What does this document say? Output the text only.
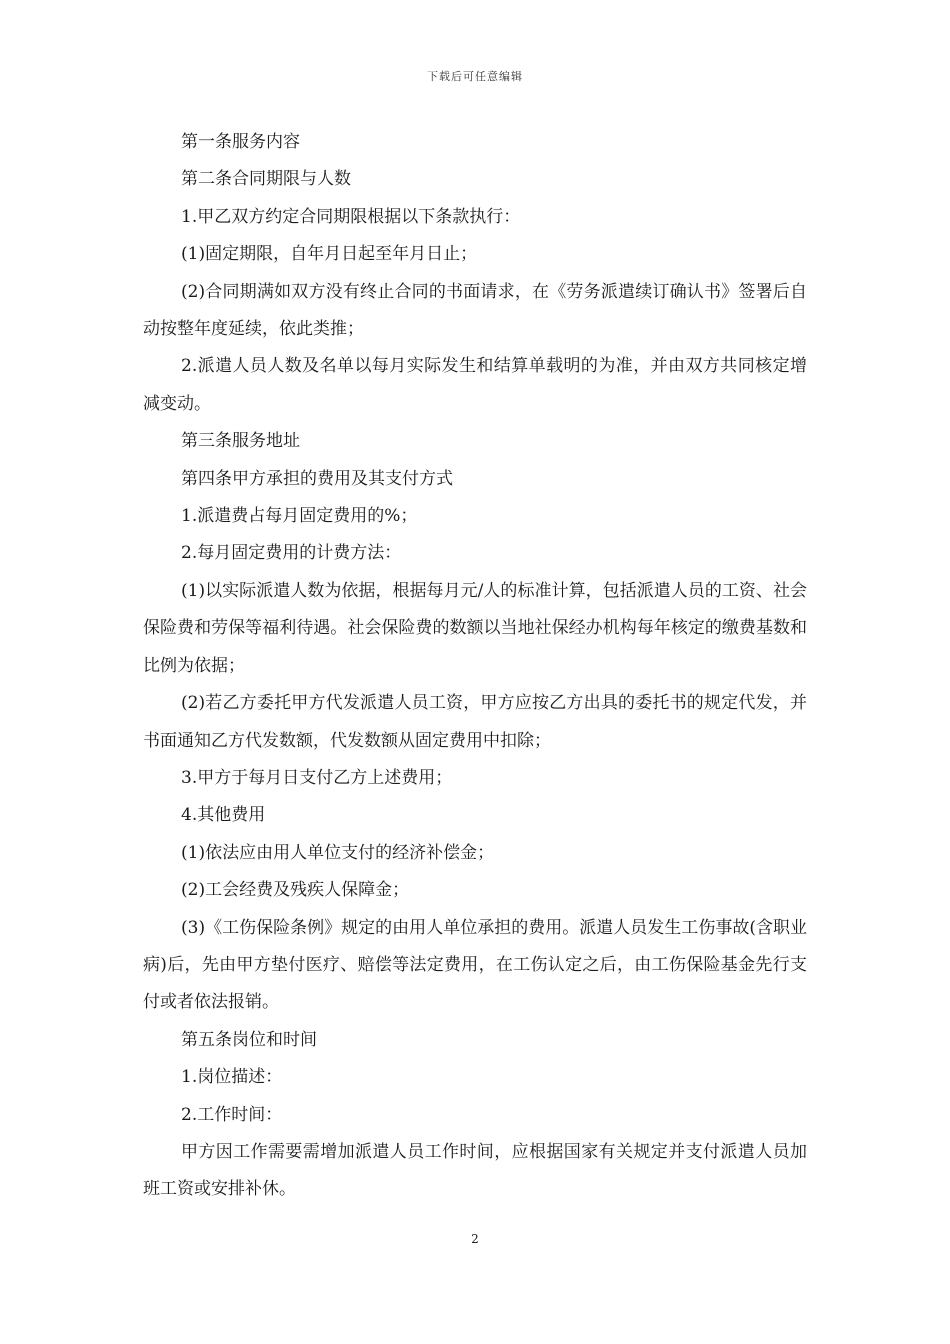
下载后可任意编辑

第一条服务内容

第二条合同期限与人数

1.甲乙双方约定合同期限根据以下条款执行：

(1)固定期限，自年月日起至年月日止；

(2)合同期满如双方没有终止合同的书面请求，在《劳务派遣续订确认书》签署后自动按整年度延续，依此类推；

2.派遣人员人数及名单以每月实际发生和结算单载明的为准，并由双方共同核定增减变动。

第三条服务地址

第四条甲方承担的费用及其支付方式

1.派遣费占每月固定费用的%；

2.每月固定费用的计费方法：

(1)以实际派遣人数为依据，根据每月元/人的标准计算，包括派遣人员的工资、社会保险费和劳保等福利待遇。社会保险费的数额以当地社保经办机构每年核定的缴费基数和比例为依据；

(2)若乙方委托甲方代发派遣人员工资，甲方应按乙方出具的委托书的规定代发，并书面通知乙方代发数额，代发数额从固定费用中扣除；

3.甲方于每月日支付乙方上述费用；

4.其他费用

(1)依法应由用人单位支付的经济补偿金；

(2)工会经费及残疾人保障金；

(3)《工伤保险条例》规定的由用人单位承担的费用。派遣人员发生工伤事故(含职业病)后，先由甲方垫付医疗、赔偿等法定费用，在工伤认定之后，由工伤保险基金先行支付或者依法报销。

第五条岗位和时间

1.岗位描述：

2.工作时间：

甲方因工作需要需增加派遣人员工作时间，应根据国家有关规定并支付派遣人员加班工资或安排补休。

2
